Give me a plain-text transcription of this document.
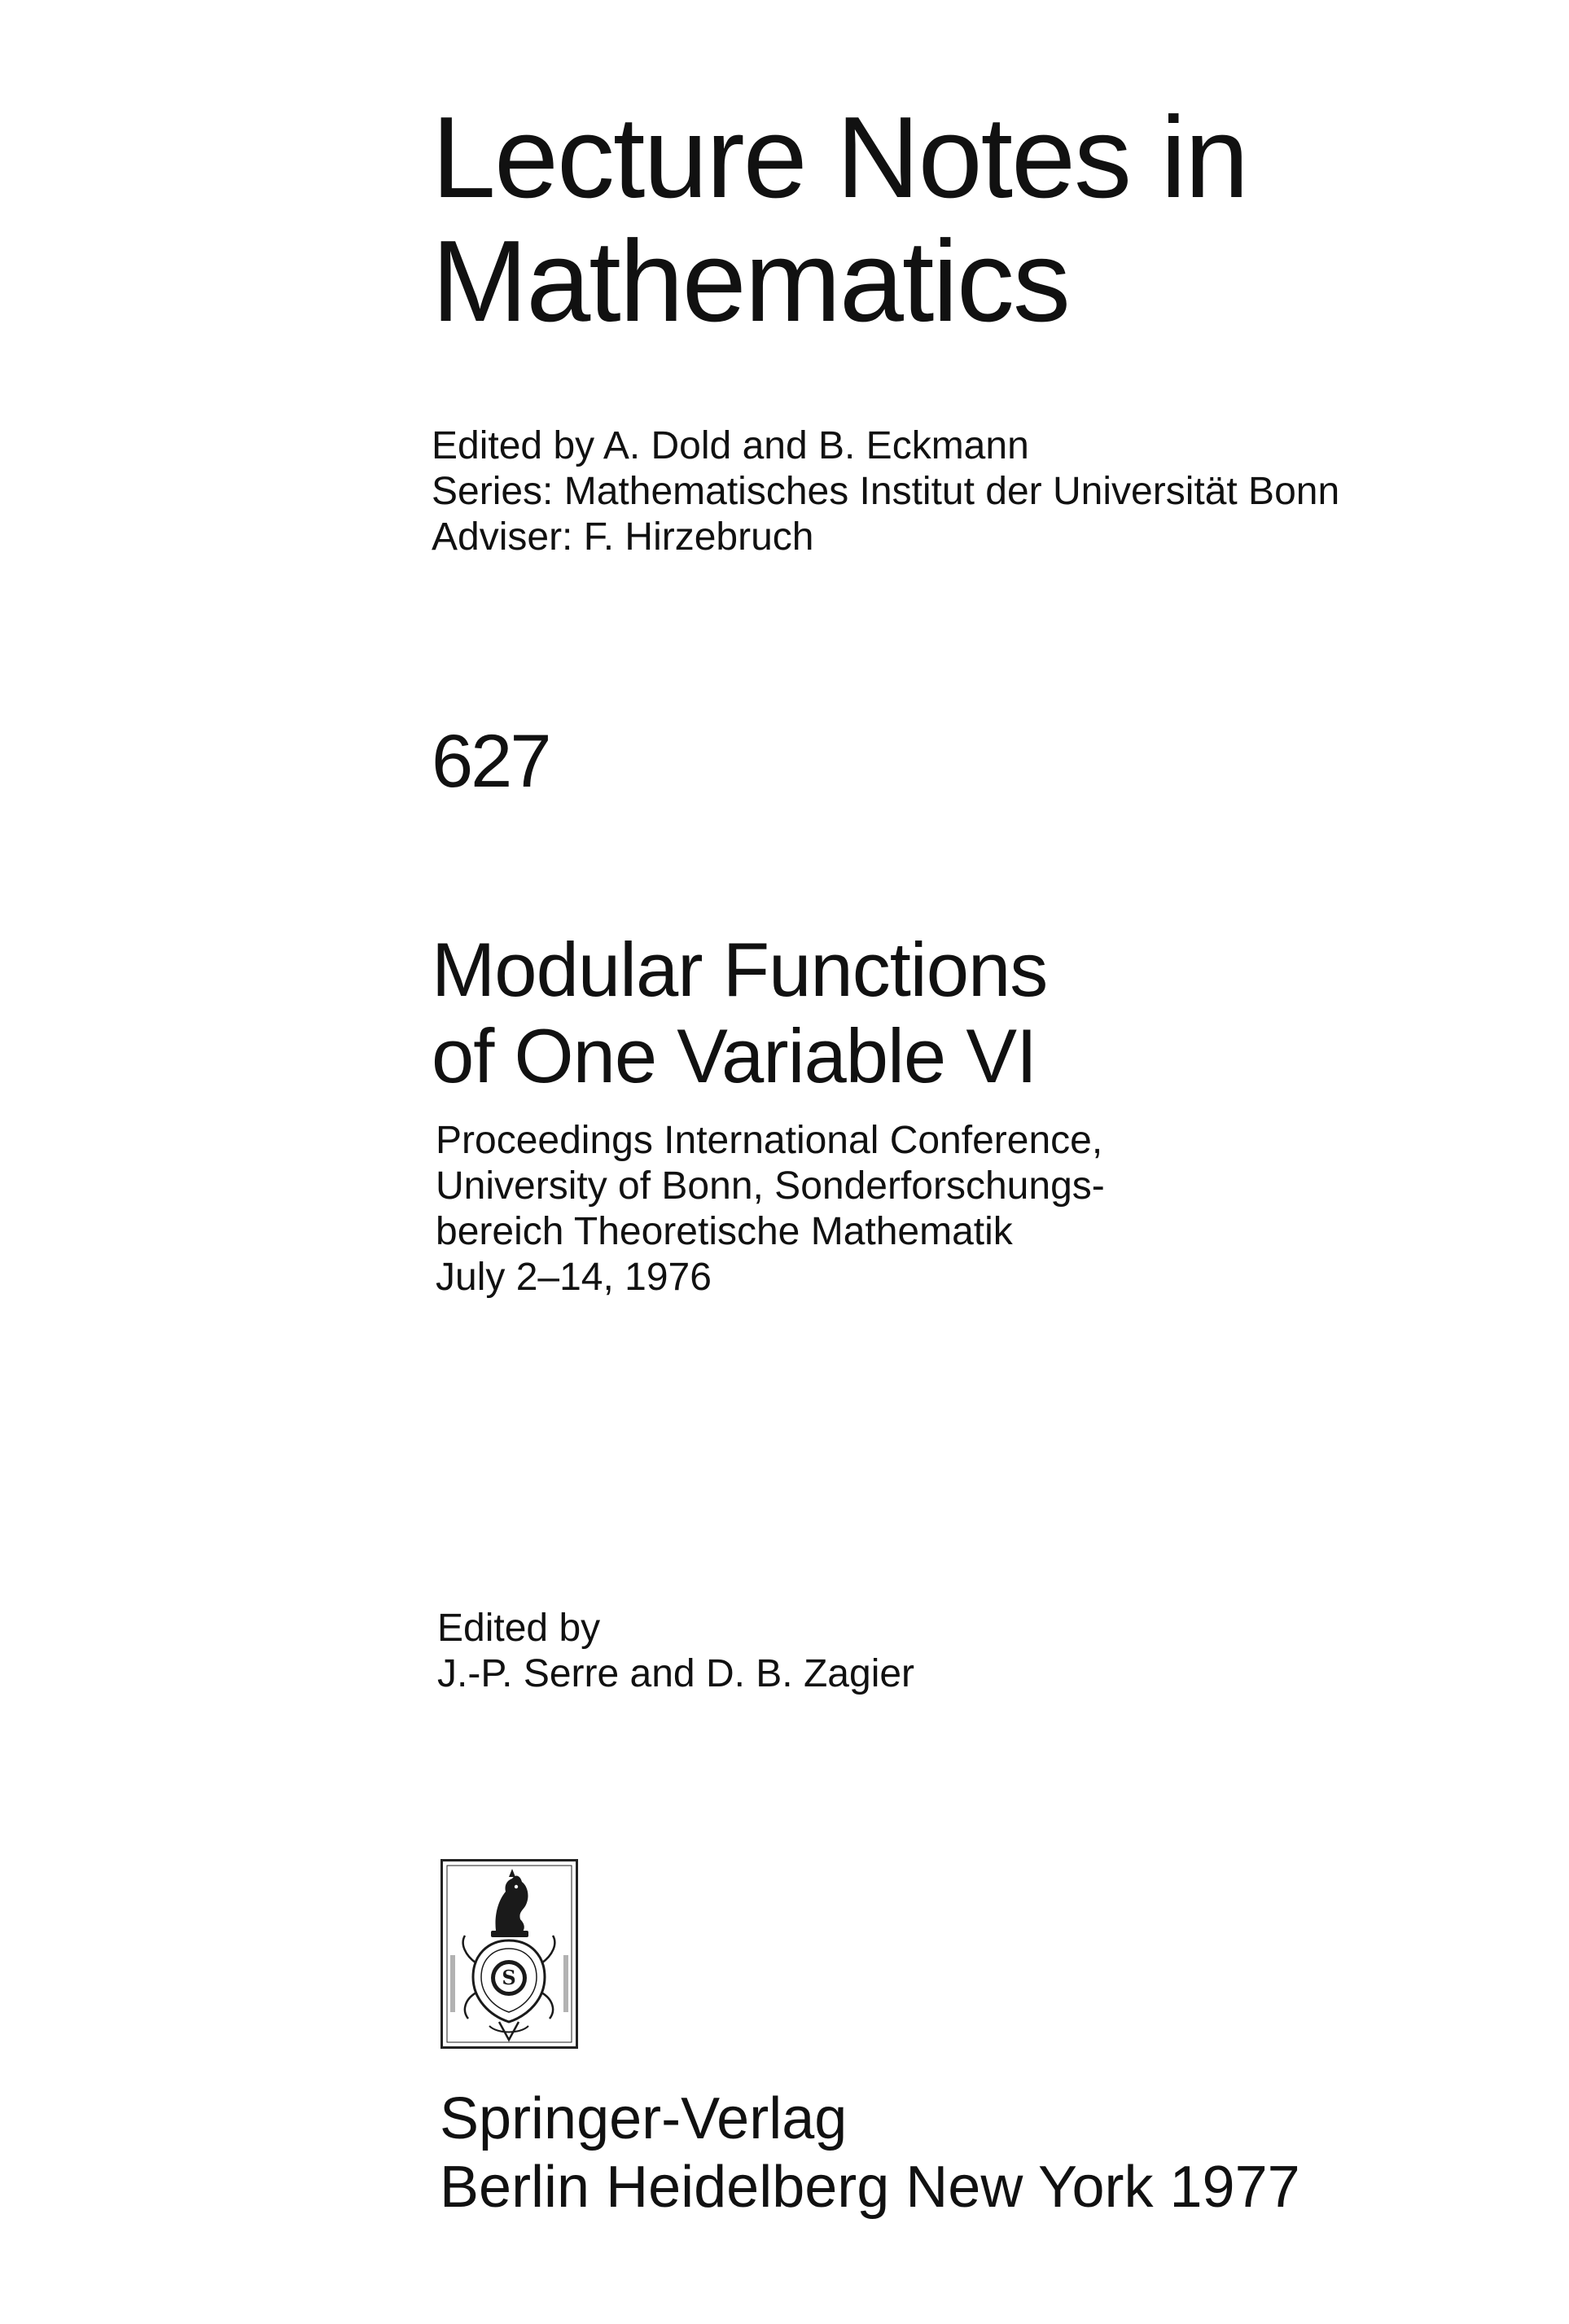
Lecture Notes in
Mathematics
Edited by A. Dold and B. Eckmann
Series: Mathematisches Institut der Universität Bonn
Adviser: F. Hirzebruch
627
Modular Functions
of One Variable VI
Proceedings International Conference,
University of Bonn, Sonderforschungs-
bereich Theoretische Mathematik
July 2–14, 1976
Edited by
J.-P. Serre and D. B. Zagier
S
Springer-Verlag
Berlin Heidelberg New York 1977
